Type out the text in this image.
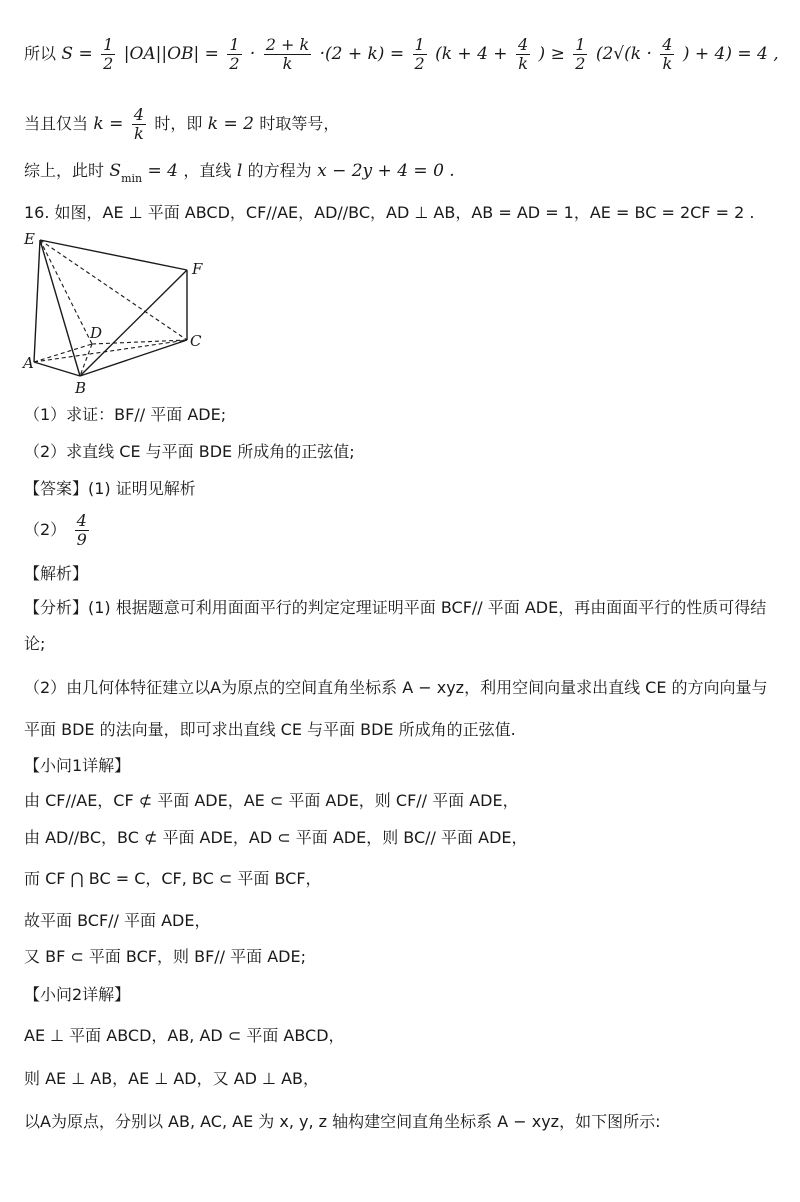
所以 $S = \frac{1}{2} |OA||OB| = \frac{1}{2} \cdot \frac{2 + k}{k} \cdot(2 + k) = \frac{1}{2} (k + 4 + \frac{4}{k}$ ) ≥ $\frac{1}{2} (2√(k \cdot \frac{4}{k}$ ) + 4) = 4 ,
当且仅当 $k = \frac{4}{k}$ 时，即 k = 2 时取等号，
综上，此时 $S_{min} = 4$ ，直线 l 的方程为 x − 2y + 4 = 0 .
16. 如图，AE ⊥ 平面 ABCD，CF//AE，AD//BC，AD ⊥ AB，AB = AD = 1，AE = BC = 2CF = 2 .
E
F
D	C
A
B
（1）求证：BF// 平面 ADE;
（2）求直线 CE 与平面 BDE 所成角的正弦值;
【答案】(1) 证明见解析
$(2) \frac{4}{9}$
【解析】
【分析】(1) 根据题意可利用面面平行的判定定理证明平面 BCF// 平面 ADE，再由面面平行的性质可得结
论;
（2）由几何体特征建立以A为原点的空间直角坐标系 A − xyz，利用空间向量求出直线 CE 的方向向量与
平面 BDE 的法向量，即可求出直线 CE 与平面 BDE 所成角的正弦值.
【小问1详解】
由 CF//AE，CF ⊄ 平面 ADE，AE ⊂ 平面 ADE，则 CF// 平面 ADE，
由 AD//BC，BC ⊄ 平面 ADE，AD ⊂ 平面 ADE，则 BC// 平面 ADE，
而 CF ⋂ BC = C，CF, BC ⊂ 平面 BCF，
故平面 BCF// 平面 ADE，
又 BF ⊂ 平面 BCF，则 BF// 平面 ADE;
【小问2详解】
AE ⊥ 平面 ABCD，AB, AD ⊂ 平面 ABCD，
则 AE ⊥ AB，AE ⊥ AD，又 AD ⊥ AB，
以A为原点，分别以 AB, AC, AE 为 x, y, z 轴构建空间直角坐标系 A − xyz，如下图所示:
